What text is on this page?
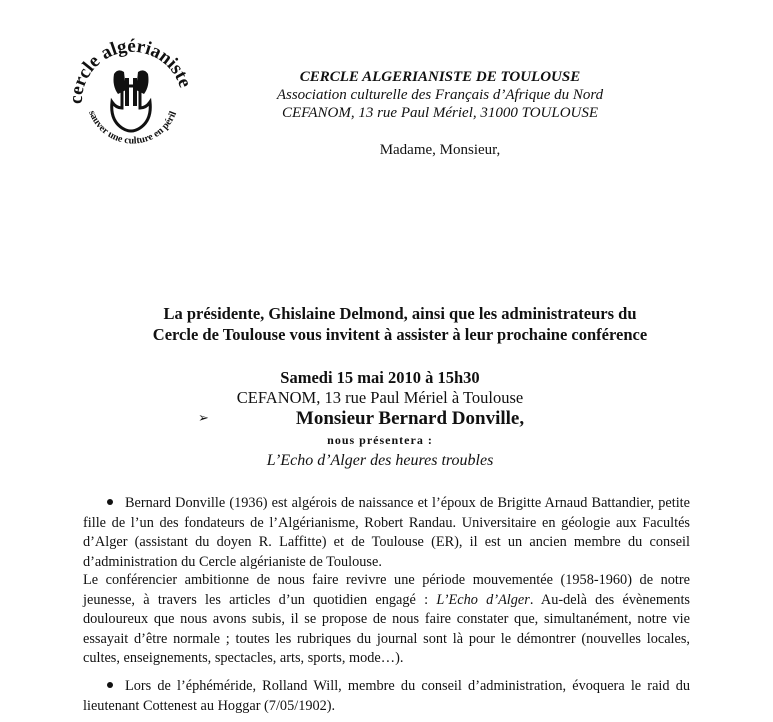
cercle algérianiste
sauver une culture en péril
CERCLE ALGERIANISTE DE TOULOUSE
Association culturelle des Français d’Afrique du Nord
CEFANOM, 13 rue Paul Mériel, 31000 TOULOUSE
Madame, Monsieur,
La présidente, Ghislaine Delmond, ainsi que les administrateurs du
Cercle de Toulouse vous invitent à assister à leur prochaine conférence
Samedi 15 mai 2010 à 15h30
CEFANOM, 13 rue Paul Mériel à Toulouse
➢	Monsieur Bernard Donville,
nous présentera :
L’Echo d’Alger des heures troubles
Bernard Donville (1936) est algérois de naissance et l’époux de Brigitte Arnaud Battandier, petite fille de l’un des fondateurs de l’Algérianisme, Robert Randau. Universitaire en géologie aux Facultés d’Alger (assistant du doyen R. Laffitte) et de Toulouse (ER), il est un ancien membre du conseil d’administration du Cercle algérianiste de Toulouse.
Le conférencier ambitionne de nous faire revivre une période mouvementée (1958-1960) de notre jeunesse, à travers les articles d’un quotidien engagé : L’Echo d’Alger. Au-delà des évènements douloureux que nous avons subis, il se propose de nous faire constater que, simultanément, notre vie essayait d’être normale ; toutes les rubriques du journal sont là pour le démontrer (nouvelles locales, cultes, enseignements, spectacles, arts, sports, mode…).
Lors de l’éphéméride, Rolland Will, membre du conseil d’administration, évoquera le raid du lieutenant Cottenest au Hoggar (7/05/1902).
